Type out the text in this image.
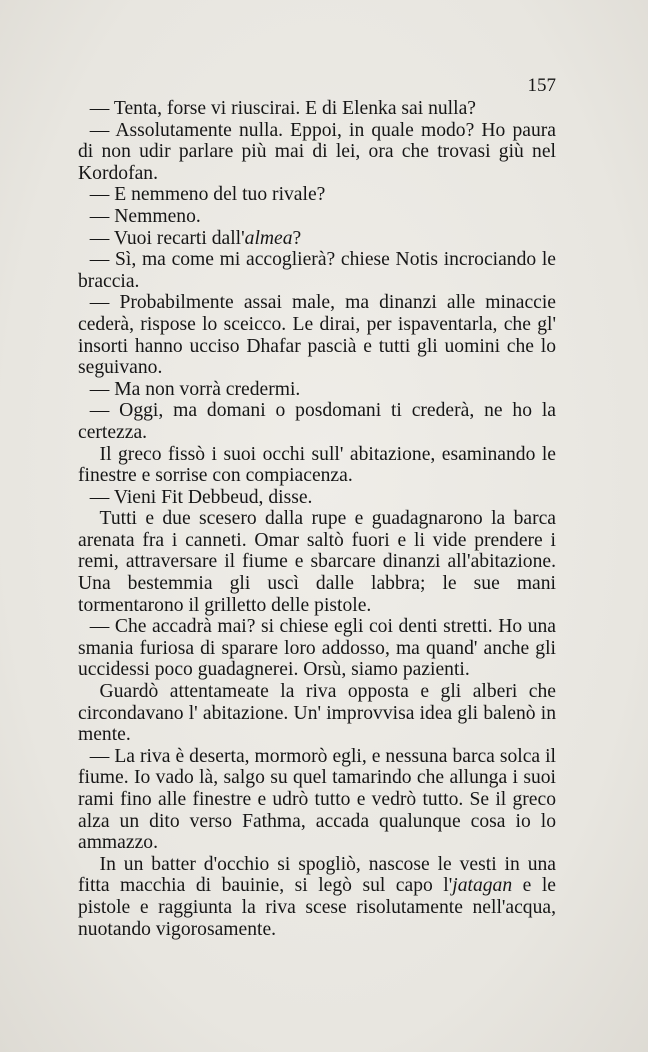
157

— Tenta, forse vi riuscirai. E di Elenka sai nulla?

— Assolutamente nulla. Eppoi, in quale modo? Ho paura di non udir parlare più mai di lei, ora che trovasi giù nel Kordofan.

— E nemmeno del tuo rivale?

— Nemmeno.

— Vuoi recarti dall'almea?

— Sì, ma come mi accoglierà? chiese Notis incrociando le braccia.

— Probabilmente assai male, ma dinanzi alle minaccie cederà, rispose lo sceicco. Le dirai, per ispaventarla, che gl' insorti hanno ucciso Dhafar pascià e tutti gli uomini che lo seguivano.

— Ma non vorrà credermi.

— Oggi, ma domani o posdomani ti crederà, ne ho la certezza.

Il greco fissò i suoi occhi sull' abitazione, esaminando le finestre e sorrise con compiacenza.

— Vieni Fit Debbeud, disse.

Tutti e due scesero dalla rupe e guadagnarono la barca arenata fra i canneti. Omar saltò fuori e li vide prendere i remi, attraversare il fiume e sbarcare dinanzi all'abitazione. Una bestemmia gli uscì dalle labbra; le sue mani tormentarono il grilletto delle pistole.

— Che accadrà mai? si chiese egli coi denti stretti. Ho una smania furiosa di sparare loro addosso, ma quand' anche gli uccidessi poco guadagnerei. Orsù, siamo pazienti.

Guardò attentameate la riva opposta e gli alberi che circondavano l' abitazione. Un' improvvisa idea gli balenò in mente.

— La riva è deserta, mormorò egli, e nessuna barca solca il fiume. Io vado là, salgo su quel tamarindo che allunga i suoi rami fino alle finestre e udrò tutto e vedrò tutto. Se il greco alza un dito verso Fathma, accada qualunque cosa io lo ammazzo.

In un batter d'occhio si spogliò, nascose le vesti in una fitta macchia di bauinie, si legò sul capo l'jatagan e le pistole e raggiunta la riva scese risolutamente nell'acqua, nuotando vigorosamente.
